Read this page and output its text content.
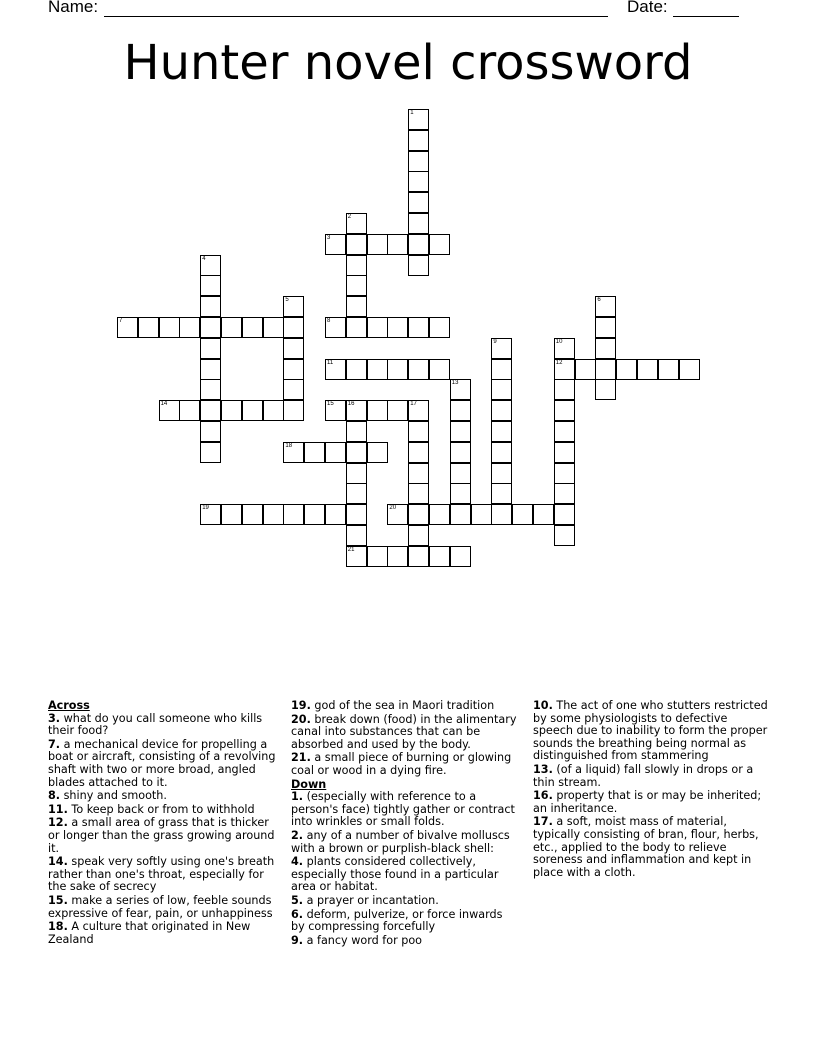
Name:	Date:
Hunter novel crossword
3
7	8
11	12
14	15 16	17
18
19	20
21
1
2
4
5	6
9	10
13
Across
3. what do you call someone who kills their food?
7. a mechanical device for propelling a boat or aircraft, consisting of a revolving shaft with two or more broad, angled blades attached to it.
8. shiny and smooth.
11. To keep back or from to withhold
12. a small area of grass that is thicker or longer than the grass growing around it.
14. speak very softly using one's breath rather than one's throat, especially for the sake of secrecy
15. make a series of low, feeble sounds expressive of fear, pain, or unhappiness
18. A culture that originated in New Zealand
19. god of the sea in Maori tradition
20. break down (food) in the alimentary canal into substances that can be absorbed and used by the body.
21. a small piece of burning or glowing coal or wood in a dying fire.
Down
1. (especially with reference to a person's face) tightly gather or contract into wrinkles or small folds.
2. any of a number of bivalve molluscs with a brown or purplish-black shell:
4. plants considered collectively, especially those found in a particular area or habitat.
5. a prayer or incantation.
6. deform, pulverize, or force inwards by compressing forcefully
9. a fancy word for poo
10. The act of one who stutters restricted by some physiologists to defective speech due to inability to form the proper sounds the breathing being normal as distinguished from stammering
13. (of a liquid) fall slowly in drops or a thin stream.
16. property that is or may be inherited; an inheritance.
17. a soft, moist mass of material, typically consisting of bran, flour, herbs, etc., applied to the body to relieve soreness and inflammation and kept in place with a cloth.
